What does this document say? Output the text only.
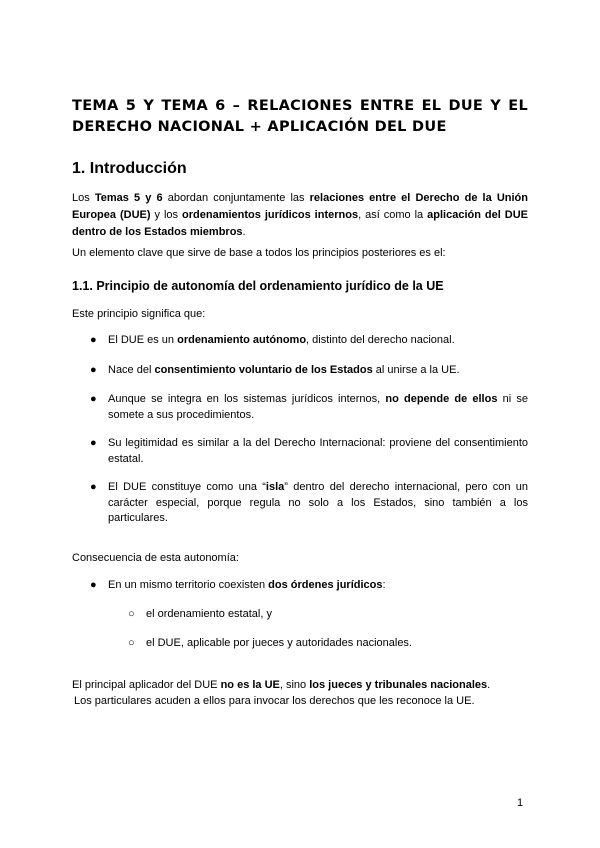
TEMA 5 Y TEMA 6 – RELACIONES ENTRE EL DUE Y EL DERECHO NACIONAL + APLICACIÓN DEL DUE
1. Introducción

Los Temas 5 y 6 abordan conjuntamente las relaciones entre el Derecho de la Unión Europea (DUE) y los ordenamientos jurídicos internos, así como la aplicación del DUE dentro de los Estados miembros.

Un elemento clave que sirve de base a todos los principios posteriores es el:

1.1. Principio de autonomía del ordenamiento jurídico de la UE

Este principio significa que:

●	El DUE es un ordenamiento autónomo, distinto del derecho nacional.
●	Nace del consentimiento voluntario de los Estados al unirse a la UE.
●	Aunque se integra en los sistemas jurídicos internos, no depende de ellos ni se somete a sus procedimientos.
●	Su legitimidad es similar a la del Derecho Internacional: proviene del consentimiento estatal.
●	El DUE constituye como una “isla” dentro del derecho internacional, pero con un carácter especial, porque regula no solo a los Estados, sino también a los particulares.

Consecuencia de esta autonomía:

●	En un mismo territorio coexisten dos órdenes jurídicos:
○ el ordenamiento estatal, y
○ el DUE, aplicable por jueces y autoridades nacionales.

El principal aplicador del DUE no es la UE, sino los jueces y tribunales nacionales.

Los particulares acuden a ellos para invocar los derechos que les reconoce la UE.

1
